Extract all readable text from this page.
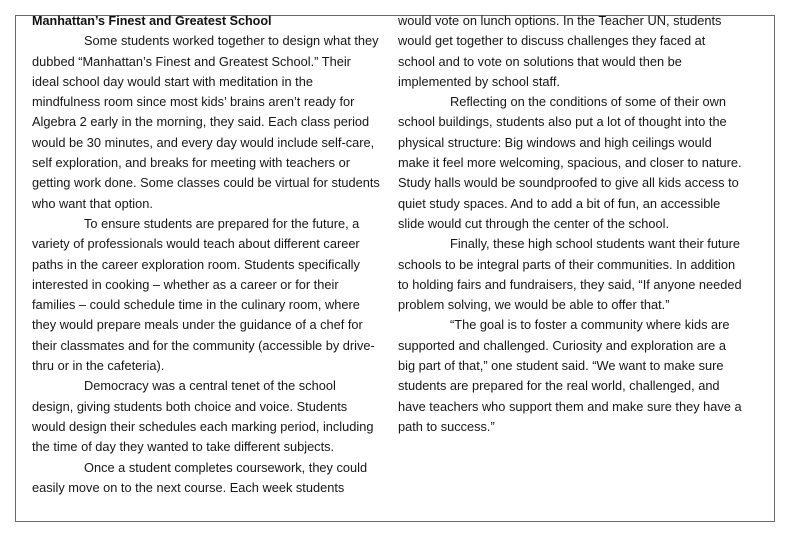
Manhattan’s Finest and Greatest School

Some students worked together to design what they dubbed “Manhattan’s Finest and Greatest School.” Their ideal school day would start with meditation in the mindfulness room since most kids’ brains aren’t ready for Algebra 2 early in the morning, they said. Each class period would be 30 minutes, and every day would include self-care, self exploration, and breaks for meeting with teachers or getting work done. Some classes could be virtual for students who want that option.

To ensure students are prepared for the future, a variety of professionals would teach about different career paths in the career exploration room. Students specifically interested in cooking – whether as a career or for their families – could schedule time in the culinary room, where they would prepare meals under the guidance of a chef for their classmates and for the community (accessible by drive-thru or in the cafeteria).

Democracy was a central tenet of the school design, giving students both choice and voice. Students would design their schedules each marking period, including the time of day they wanted to take different subjects.

Once a student completes coursework, they could easily move on to the next course. Each week students

would vote on lunch options. In the Teacher UN, students would get together to discuss challenges they faced at school and to vote on solutions that would then be implemented by school staff.

Reflecting on the conditions of some of their own school buildings, students also put a lot of thought into the physical structure: Big windows and high ceilings would make it feel more welcoming, spacious, and closer to nature. Study halls would be soundproofed to give all kids access to quiet study spaces. And to add a bit of fun, an accessible slide would cut through the center of the school.

Finally, these high school students want their future schools to be integral parts of their communities. In addition to holding fairs and fundraisers, they said, “If anyone needed problem solving, we would be able to offer that.”

“The goal is to foster a community where kids are supported and challenged. Curiosity and exploration are a big part of that,” one student said. “We want to make sure students are prepared for the real world, challenged, and have teachers who support them and make sure they have a path to success.”
